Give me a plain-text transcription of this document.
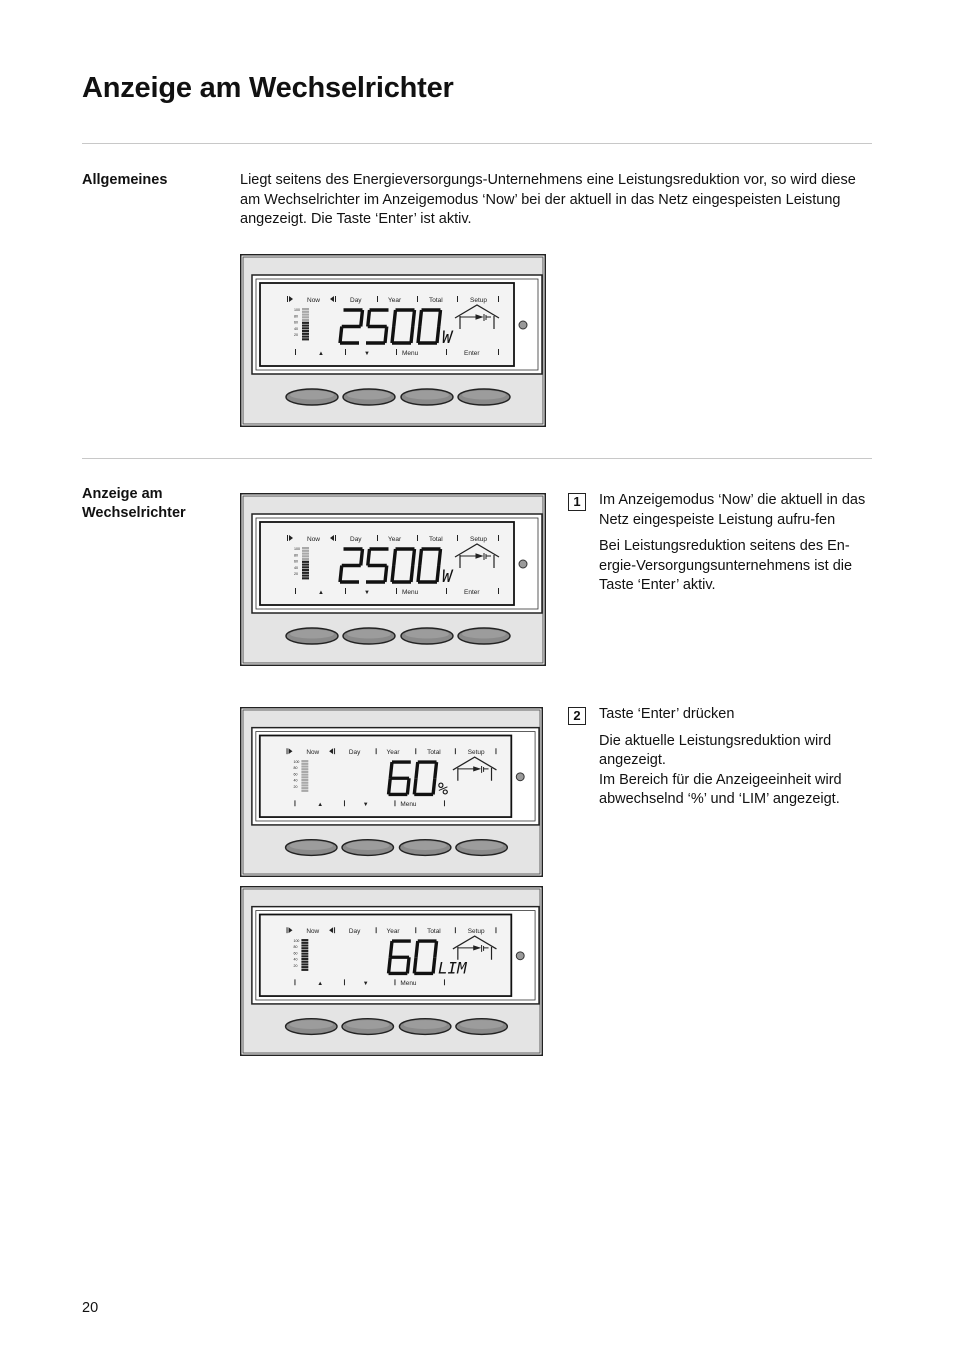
Anzeige am Wechselrichter
Allgemeines	Liegt seitens des Energieversorgungs-Unternehmens eine Leistungsreduktion vor, so wird diese am Wechselrichter im Anzeigemodus ‘Now’ bei der aktuell in das Netz eingespeisten Leistung angezeigt. Die Taste ‘Enter’ ist aktiv.
Now	Day	Year	Total	Setup
100
80
60
40
20
▲	▼	Menu	Enter
W
Anzeige am
Wechselrichter
Now	Day	Year	Total	Setup
100
80
60
40
20
▲	▼	Menu	Enter
W
1	Im Anzeigemodus ‘Now’ die aktuell in das Netz eingespeiste Leistung aufru-fen

Bei Leistungsreduktion seitens des En-ergie-Versorgungsunternehmens ist die Taste ‘Enter’ aktiv.

Now	Day	Year	Total	Setup
100
80
60
40
20
▲	▼	Menu
%
2	Taste ‘Enter’ drücken

Die aktuelle Leistungsreduktion wird angezeigt.

Im Bereich für die Anzeigeeinheit wird abwechselnd ‘%’ und ‘LIM’ angezeigt.

Now	Day	Year	Total	Setup
100
80
60
40
20
▲	▼	Menu
LIM
20
